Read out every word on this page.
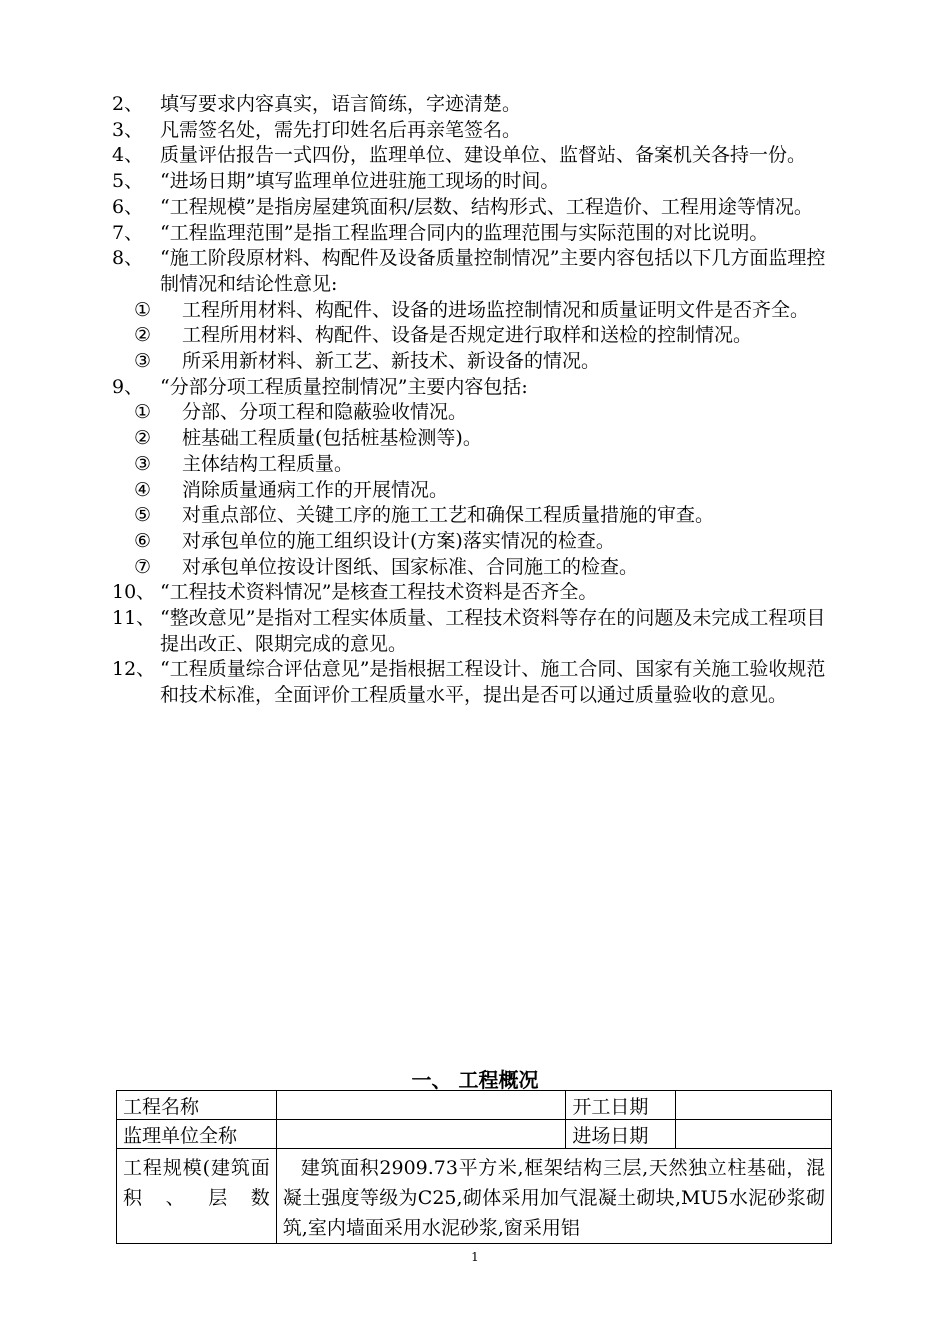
2、 填写要求内容真实，语言简练，字迹清楚。
3、 凡需签名处，需先打印姓名后再亲笔签名。
4、 质量评估报告一式四份，监理单位、建设单位、监督站、备案机关各持一份。
5、 “进场日期”填写监理单位进驻施工现场的时间。
6、 “工程规模”是指房屋建筑面积/层数、结构形式、工程造价、工程用途等情况。
7、 “工程监理范围”是指工程监理合同内的监理范围与实际范围的对比说明。
8、 “施工阶段原材料、构配件及设备质量控制情况”主要内容包括以下几方面监理控制情况和结论性意见:
① 工程所用材料、构配件、设备的进场监控制情况和质量证明文件是否齐全。
② 工程所用材料、构配件、设备是否规定进行取样和送检的控制情况。
③ 所采用新材料、新工艺、新技术、新设备的情况。
9、 “分部分项工程质量控制情况”主要内容包括:
① 分部、分项工程和隐蔽验收情况。
② 桩基础工程质量(包括桩基检测等)。
③ 主体结构工程质量。
④ 消除质量通病工作的开展情况。
⑤ 对重点部位、关键工序的施工工艺和确保工程质量措施的审查。
⑥ 对承包单位的施工组织设计(方案)落实情况的检查。
⑦ 对承包单位按设计图纸、国家标准、合同施工的检查。
10、 “工程技术资料情况”是核查工程技术资料是否齐全。
11、 “整改意见”是指对工程实体质量、工程技术资料等存在的问题及未完成工程项目提出改正、限期完成的意见。
12、 “工程质量综合评估意见”是指根据工程设计、施工合同、国家有关施工验收规范和技术标准，全面评价工程质量水平，提出是否可以通过质量验收的意见。
一、 工程概况
工程名称		开工日期	
监理单位全称		进场日期	
工程规模(建筑面积、层数	建筑面积2909.73平方米,框架结构三层,天然独立柱基础，混凝土强度等级为C25,砌体采用加气混凝土砌块,MU5水泥砂浆砌筑,室内墙面采用水泥砂浆,窗采用铝		
1
